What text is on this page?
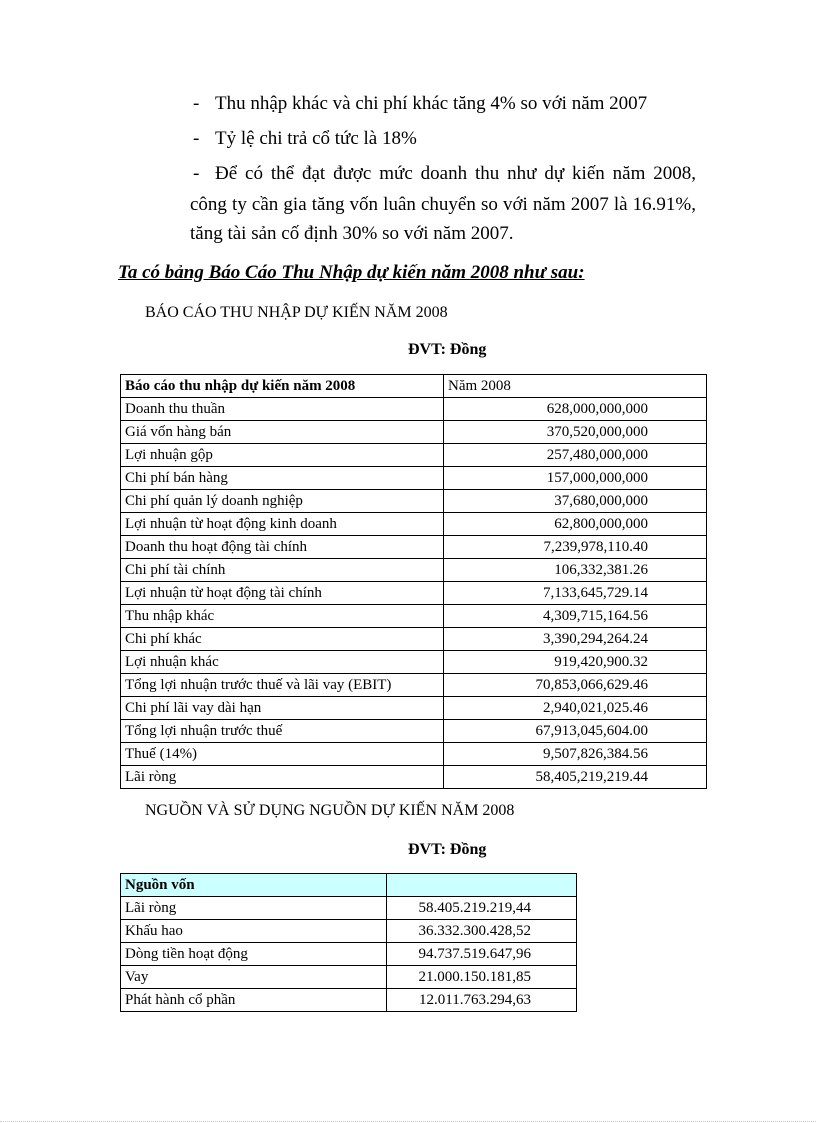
- Thu nhập khác và chi phí khác tăng 4% so với năm 2007
- Tỷ lệ chi trả cổ tức là 18%
- Để có thể đạt được mức doanh thu như dự kiến năm 2008,
công ty cần gia tăng vốn luân chuyển so với năm 2007 là 16.91%, tăng tài sản cố định 30% so với năm 2007.
Ta có bảng Báo Cáo Thu Nhập dự kiến năm 2008 như sau:
BÁO CÁO THU NHẬP DỰ KIẾN NĂM 2008
ĐVT: Đồng
Báo cáo thu nhập dự kiến năm 2008	Năm 2008
Doanh thu thuần	628,000,000,000
Giá vốn hàng bán	370,520,000,000
Lợi nhuận gộp	257,480,000,000
Chi phí bán hàng	157,000,000,000
Chi phí quản lý doanh nghiệp	37,680,000,000
Lợi nhuận từ hoạt động kinh doanh	62,800,000,000
Doanh thu hoạt động tài chính	7,239,978,110.40
Chi phí tài chính	106,332,381.26
Lợi nhuận từ hoạt động tài chính	7,133,645,729.14
Thu nhập khác	4,309,715,164.56
Chi phí khác	3,390,294,264.24
Lợi nhuận khác	919,420,900.32
Tổng lợi nhuận trước thuế và lãi vay (EBIT)	70,853,066,629.46
Chi phí lãi vay dài hạn	2,940,021,025.46
Tổng lợi nhuận trước thuế	67,913,045,604.00
Thuế (14%)	9,507,826,384.56
Lãi ròng	58,405,219,219.44
NGUỒN VÀ SỬ DỤNG NGUỒN DỰ KIẾN NĂM 2008
ĐVT: Đồng
Nguồn vốn	
Lãi ròng	58.405.219.219,44
Khấu hao	36.332.300.428,52
Dòng tiền hoạt động	94.737.519.647,96
Vay	21.000.150.181,85
Phát hành cổ phần	12.011.763.294,63
